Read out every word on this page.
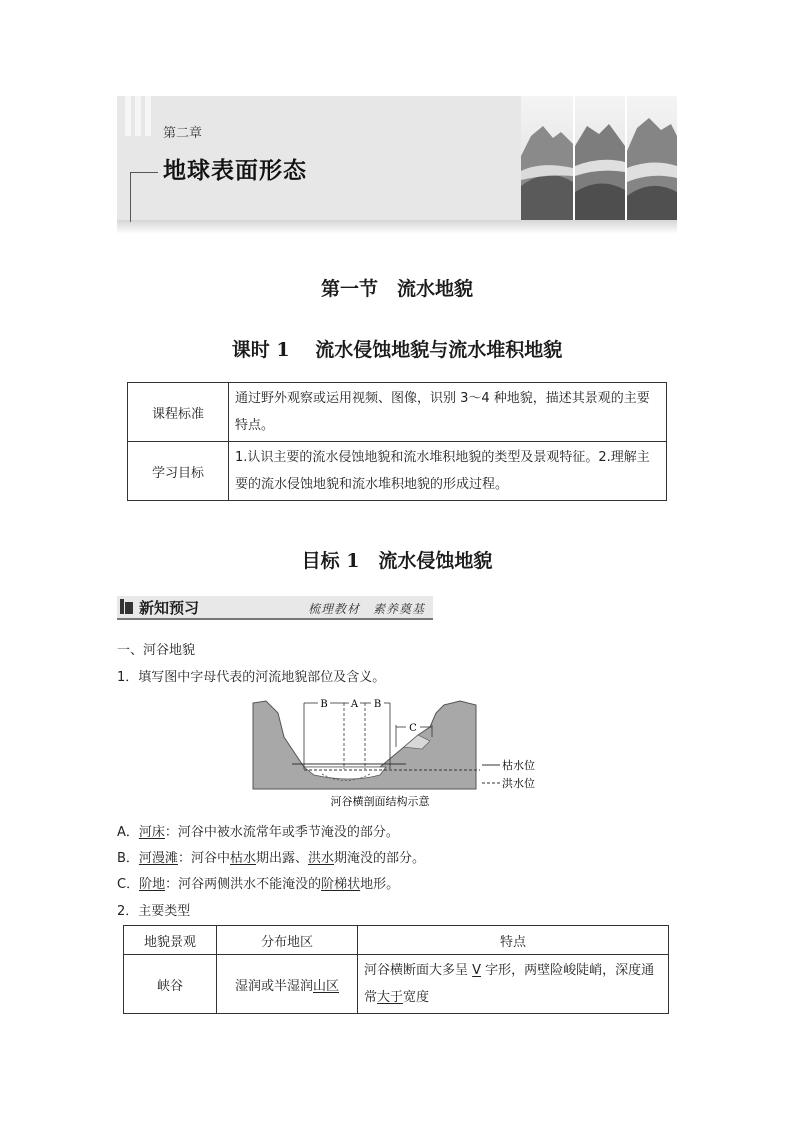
第二章
地球表面形态
第一节　流水地貌
课时 1　 流水侵蚀地貌与流水堆积地貌
课程标准	通过野外观察或运用视频、图像，识别 3～4 种地貌，描述其景观的主要特点。
学习目标	1.认识主要的流水侵蚀地貌和流水堆积地貌的类型及景观特征。2.理解主要的流水侵蚀地貌和流水堆积地貌的形成过程。
目标 1　流水侵蚀地貌
新知预习	梳理教材　素养奠基
一、河谷地貌
1．填写图中字母代表的河流地貌部位及含义。
B A B
C
枯水位
洪水位
河谷横剖面结构示意
A．河床：河谷中被水流常年或季节淹没的部分。
B．河漫滩：河谷中枯水期出露、洪水期淹没的部分。
C．阶地：河谷两侧洪水不能淹没的阶梯状地形。
2．主要类型
地貌景观	分布地区	特点
峡谷	湿润或半湿润山区	河谷横断面大多呈 V 字形，两壁险峻陡峭，深度通常大于宽度
